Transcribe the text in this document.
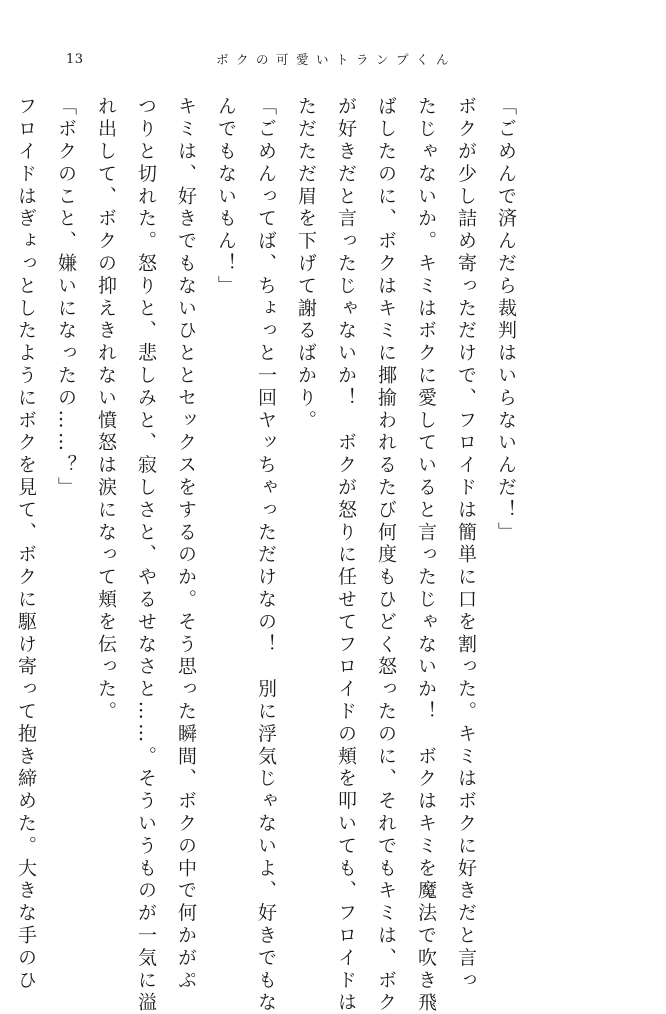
13	ボクの可愛いトランプくん
「ごめんで済んだら裁判はいらないんだ！」
ボクが少し詰め寄っただけで、フロイドは簡単に口を割った。キミはボクに好きだと言っ
たじゃないか。キミはボクに愛していると言ったじゃないか！　ボクはキミを魔法で吹き飛
ばしたのに、ボクはキミに揶揄われるたび何度もひどく怒ったのに、それでもキミは、ボク
が好きだと言ったじゃないか！　ボクが怒りに任せてフロイドの頬を叩いても、フロイドは
ただただ眉を下げて謝るばかり。
「ごめんってば、ちょっと一回ヤッちゃっただけなの！　別に浮気じゃないよ、好きでもな
んでもないもん！」
キミは、好きでもないひととセックスをするのか。そう思った瞬間、ボクの中で何かがぷ
つりと切れた。怒りと、悲しみと、寂しさと、やるせなさと……。そういうものが一気に溢
れ出して、ボクの抑えきれない憤怒は涙になって頬を伝った。
「ボクのこと、嫌いになったの……？」
フロイドはぎょっとしたようにボクを見て、ボクに駆け寄って抱き締めた。大きな手のひ
